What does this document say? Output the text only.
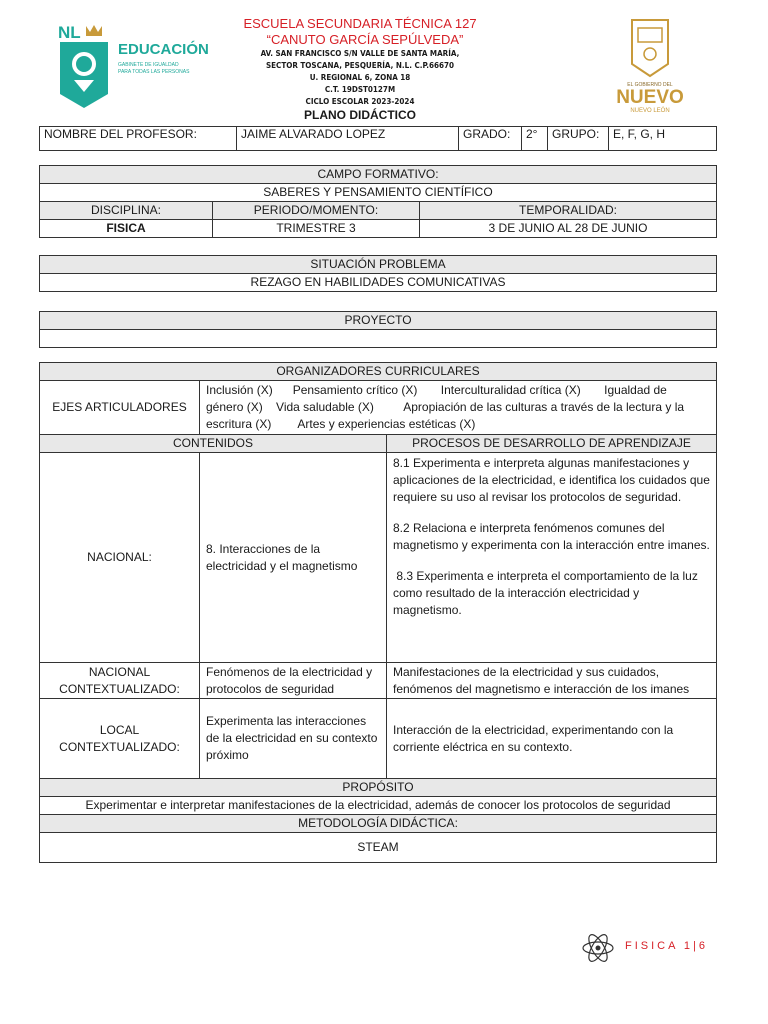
NL
EDUCACIÓN
GABINETE DE IGUALDAD
PARA TODAS LAS PERSONAS
ESCUELA SECUNDARIA TÉCNICA 127
“CANUTO GARCÍA SEPÚLVEDA”
AV. SAN FRANCISCO S/N VALLE DE SANTA MARÍA,
SECTOR TOSCANA, PESQUERÍA, N.L. C.P.66670
U. REGIONAL 6, ZONA 18
C.T. 19DST0127M
CICLO ESCOLAR 2023-2024
PLANO DIDÁCTICO
EL GOBIERNO DEL
NUEVO
NUEVO LEÓN
NOMBRE DEL PROFESOR:	JAIME ALVARADO LOPEZ	GRADO:	2°	GRUPO:	E, F, G, H
CAMPO FORMATIVO:		
SABERES Y PENSAMIENTO CIENTÍFICO		
DISCIPLINA:	PERIODO/MOMENTO:	TEMPORALIDAD:
FISICA	TRIMESTRE 3	3 DE JUNIO AL 28 DE JUNIO
SITUACIÓN PROBLEMA
REZAGO EN HABILIDADES COMUNICATIVAS
PROYECTO

ORGANIZADORES CURRICULARES		
EJES ARTICULADORES	Inclusión (X)      Pensamiento crítico (X)       Interculturalidad crítica (X)       Igualdad de
género (X)    Vida saludable (X)         Apropiación de las culturas a través de la lectura y la
escritura (X)        Artes y experiencias estéticas (X)	

CONTENIDOS		PROCESOS DE DESARROLLO DE APRENDIZAJE
NACIONAL:	8. Interacciones de la electricidad y el magnetismo	8.1 Experimenta e interpreta algunas manifestaciones y aplicaciones de la electricidad, e identifica los cuidados que requiere su uso al revisar los protocolos de seguridad.
8.2 Relaciona e interpreta fenómenos comunes del magnetismo y experimenta con la interacción entre imanes.
8.3 Experimenta e interpreta el comportamiento de la luz como resultado de la interacción electricidad y magnetismo.

NACIONAL CONTEXTUALIZADO:	Fenómenos de la electricidad y protocolos de seguridad	Manifestaciones de la electricidad y sus cuidados, fenómenos del magnetismo e interacción de los imanes
LOCAL CONTEXTUALIZADO:	Experimenta las interacciones de la electricidad en su contexto próximo	Interacción de la electricidad, experimentando con la corriente eléctrica en su contexto.
PROPÓSITO		
Experimentar e interpretar manifestaciones de la electricidad, además de conocer los protocolos de seguridad		
METODOLOGÍA DIDÁCTICA:		
STEAM		
FISICA 1|6
